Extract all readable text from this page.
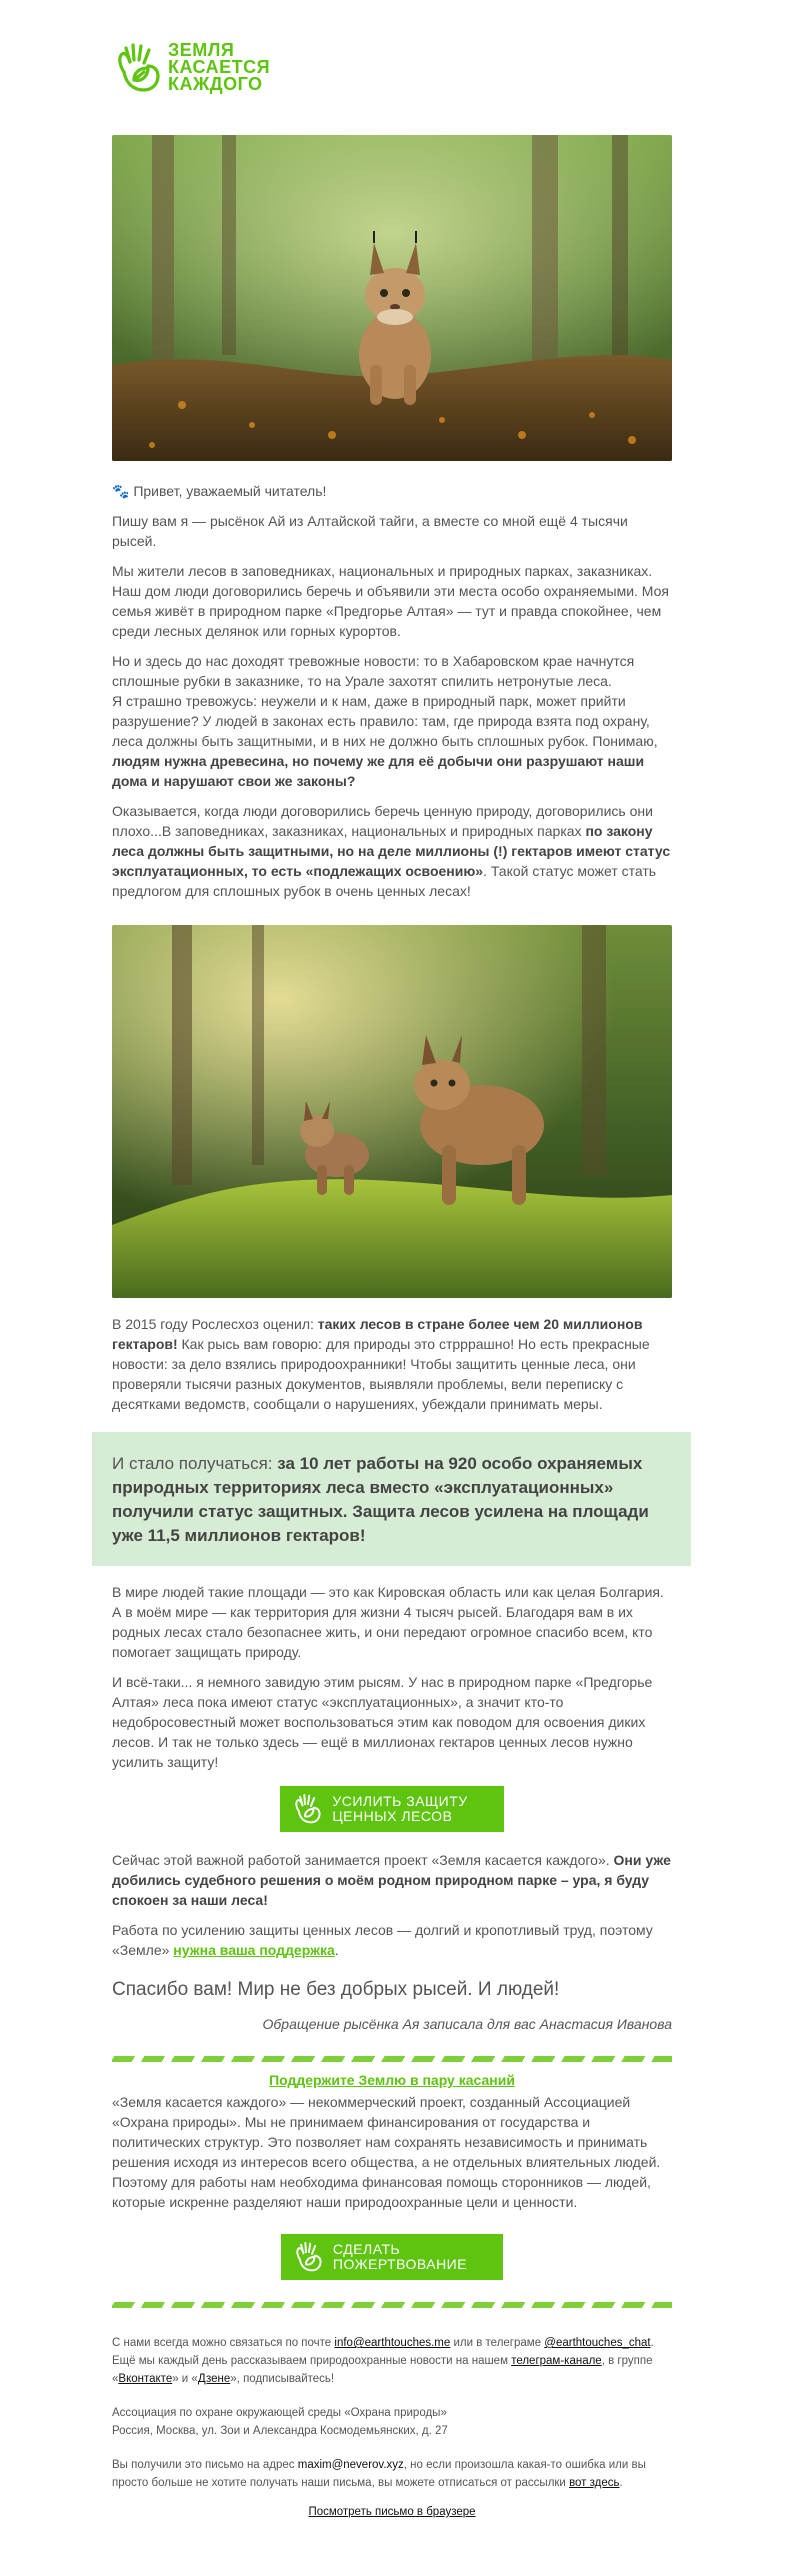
ЗЕМЛЯ
КАСАЕТСЯ
КАЖДОГО
🐾 Привет, уважаемый читатель!
Пишу вам я — рысёнок Ай из Алтайской тайги, а вместе со мной ещё 4 тысячи рысей.
Мы жители лесов в заповедниках, национальных и природных парках, заказниках. Наш дом люди договорились беречь и объявили эти места особо охраняемыми. Моя семья живёт в природном парке «Предгорье Алтая» — тут и правда спокойнее, чем среди лесных делянок или горных курортов.
Но и здесь до нас доходят тревожные новости: то в Хабаровском крае начнутся сплошные рубки в заказнике, то на Урале захотят спилить нетронутые леса.
Я страшно тревожусь: неужели и к нам, даже в природный парк, может прийти разрушение? У людей в законах есть правило: там, где природа взята под охрану, леса должны быть защитными, и в них не должно быть сплошных рубок. Понимаю, людям нужна древесина, но почему же для её добычи они разрушают наши дома и нарушают свои же законы?
Оказывается, когда люди договорились беречь ценную природу, договорились они плохо...В заповедниках, заказниках, национальных и природных парках по закону леса должны быть защитными, но на деле миллионы (!) гектаров имеют статус эксплуатационных, то есть «подлежащих освоению». Такой статус может стать предлогом для сплошных рубок в очень ценных лесах!
В 2015 году Рослесхоз оценил: таких лесов в стране более чем 20 миллионов гектаров! Как рысь вам говорю: для природы это стрррашно! Но есть прекрасные новости: за дело взялись природоохранники! Чтобы защитить ценные леса, они проверяли тысячи разных документов, выявляли проблемы, вели переписку с десятками ведомств, сообщали о нарушениях, убеждали принимать меры.
И стало получаться: за 10 лет работы на 920 особо охраняемых природных территориях леса вместо «эксплуатационных» получили статус защитных. Защита лесов усилена на площади уже 11,5 миллионов гектаров!
В мире людей такие площади — это как Кировская область или как целая Болгария. А в моём мире — как территория для жизни 4 тысяч рысей. Благодаря вам в их родных лесах стало безопаснее жить, и они передают огромное спасибо всем, кто помогает защищать природу.
И всё-таки... я немного завидую этим рысям. У нас в природном парке «Предгорье Алтая» леса пока имеют статус «эксплуатационных», а значит кто-то недобросовестный может воспользоваться этим как поводом для освоения диких лесов. И так не только здесь — ещё в миллионах гектаров ценных лесов нужно усилить защиту!
УСИЛИТЬ ЗАЩИТУ
ЦЕННЫХ ЛЕСОВ
Сейчас этой важной работой занимается проект «Земля касается каждого». Они уже добились судебного решения о моём родном природном парке – ура, я буду спокоен за наши леса!
Работа по усилению защиты ценных лесов — долгий и кропотливый труд, поэтому «Земле» нужна ваша поддержка.
Спасибо вам! Мир не без добрых рысей. И людей!
Обращение рысёнка Ая записала для вас Анастасия Иванова
Поддержите Землю в пару касаний
«Земля касается каждого» — некоммерческий проект, созданный Ассоциацией «Охрана природы». Мы не принимаем финансирования от государства и политических структур. Это позволяет нам сохранять независимость и принимать решения исходя из интересов всего общества, а не отдельных влиятельных людей. Поэтому для работы нам необходима финансовая помощь сторонников — людей, которые искренне разделяют наши природоохранные цели и ценности.
СДЕЛАТЬ
ПОЖЕРТВОВАНИЕ
С нами всегда можно связаться по почте info@earthtouches.me или в телеграме @earthtouches_chat. Ещё мы каждый день рассказываем природоохранные новости на нашем телеграм-канале, в группе «Вконтакте» и «Дзене», подписывайтесь!
Ассоциация по охране окружающей среды «Охрана природы»
Россия, Москва, ул. Зои и Александра Космодемьянских, д. 27
Вы получили это письмо на адрес maxim@neverov.xyz, но если произошла какая-то ошибка или вы просто больше не хотите получать наши письма, вы можете отписаться от рассылки вот здесь.
Посмотреть письмо в браузере
